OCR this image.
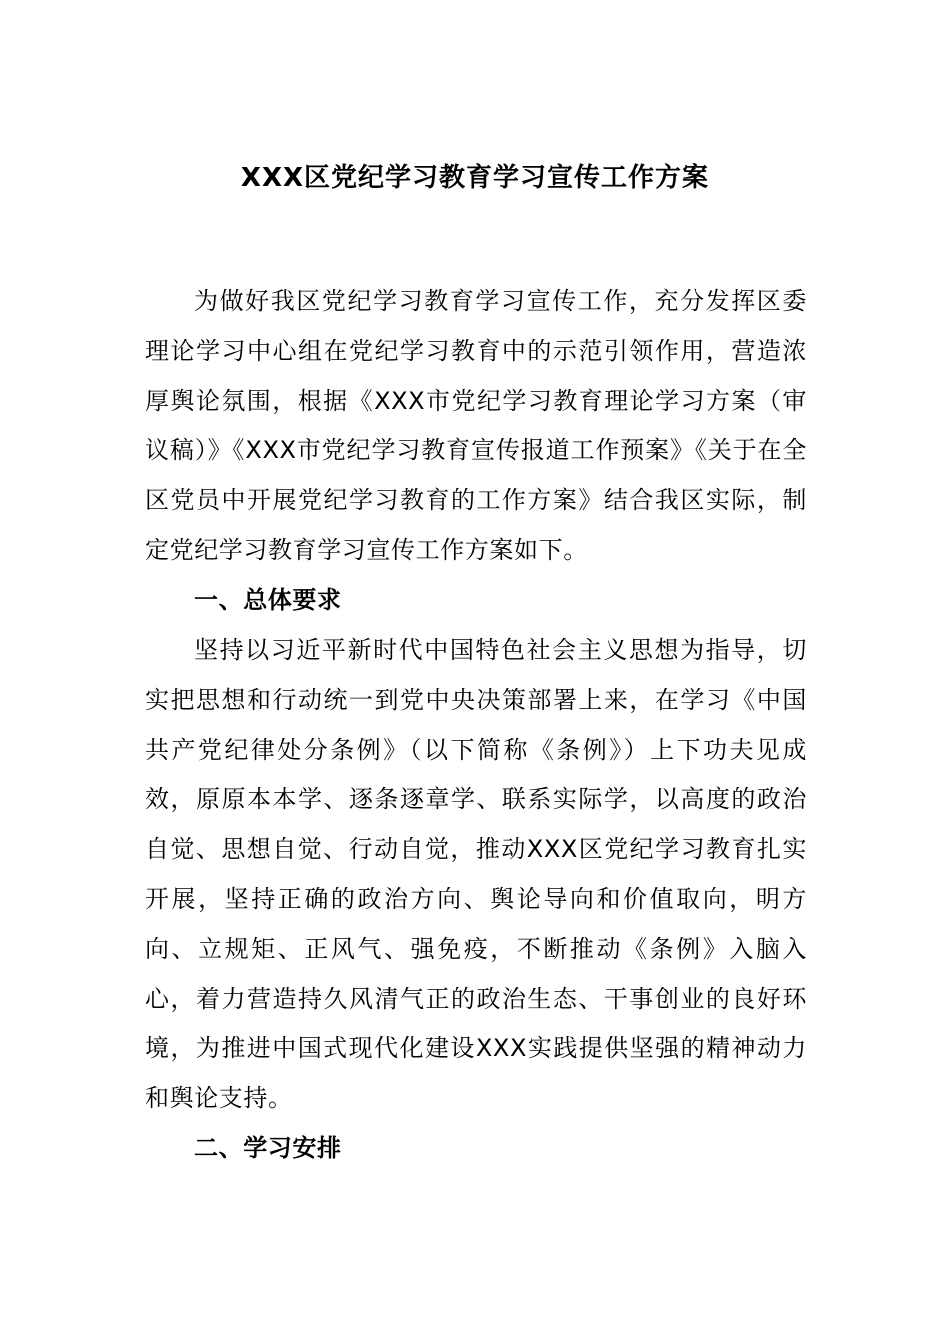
XXX区党纪学习教育学习宣传工作方案

为做好我区党纪学习教育学习宣传工作，充分发挥区委理论学习中心组在党纪学习教育中的示范引领作用，营造浓厚舆论氛围，根据《XXX市党纪学习教育理论学习方案（审议稿）》《XXX市党纪学习教育宣传报道工作预案》《关于在全区党员中开展党纪学习教育的工作方案》结合我区实际，制定党纪学习教育学习宣传工作方案如下。

一、总体要求

坚持以习近平新时代中国特色社会主义思想为指导，切实把思想和行动统一到党中央决策部署上来，在学习《中国共产党纪律处分条例》（以下简称《条例》）上下功夫见成效，原原本本学、逐条逐章学、联系实际学，以高度的政治自觉、思想自觉、行动自觉，推动XXX区党纪学习教育扎实开展，坚持正确的政治方向、舆论导向和价值取向，明方向、立规矩、正风气、强免疫，不断推动《条例》入脑入心，着力营造持久风清气正的政治生态、干事创业的良好环境，为推进中国式现代化建设XXX实践提供坚强的精神动力和舆论支持。

二、学习安排
